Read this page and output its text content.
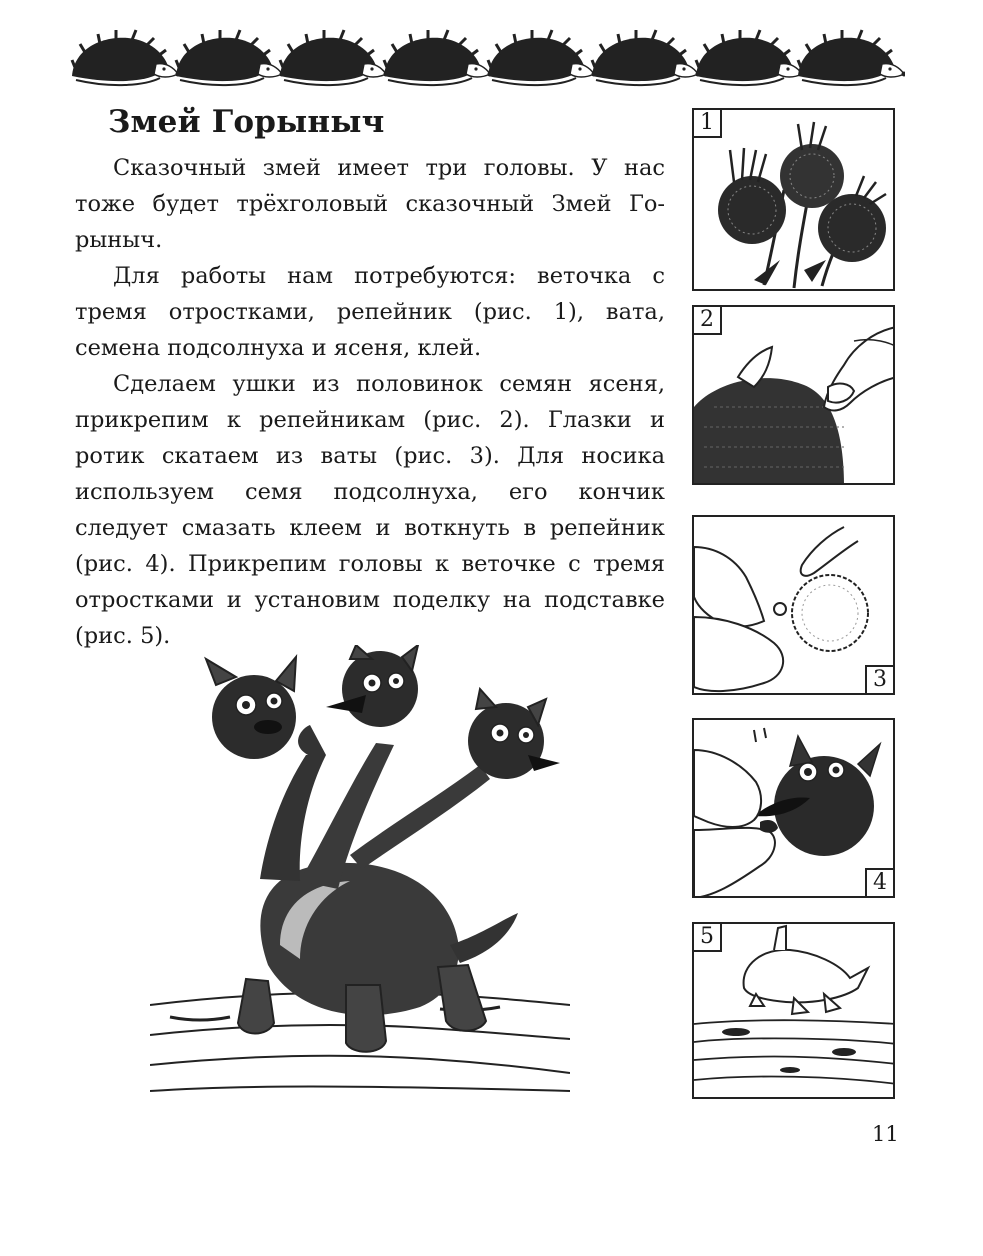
Змей Горыныч

Сказочный змей имеет три головы. У нас тоже будет трёхголовый сказочный Змей Горыныч.

Для работы нам потребуются: веточка с тремя отростками, репейник (рис. 1), вата, семена подсолнуха и ясеня, клей.

Сделаем ушки из половинок семян ясеня, прикрепим к репейникам (рис. 2). Глазки и ротик скатаем из ваты (рис. 3). Для носика используем семя подсолнуха, его кончик следует смазать клеем и воткнуть в репейник (рис. 4). Прикрепим головы к веточке с тремя отростками и установим поделку на подставке (рис. 5).

1
2
3
4
5
11
